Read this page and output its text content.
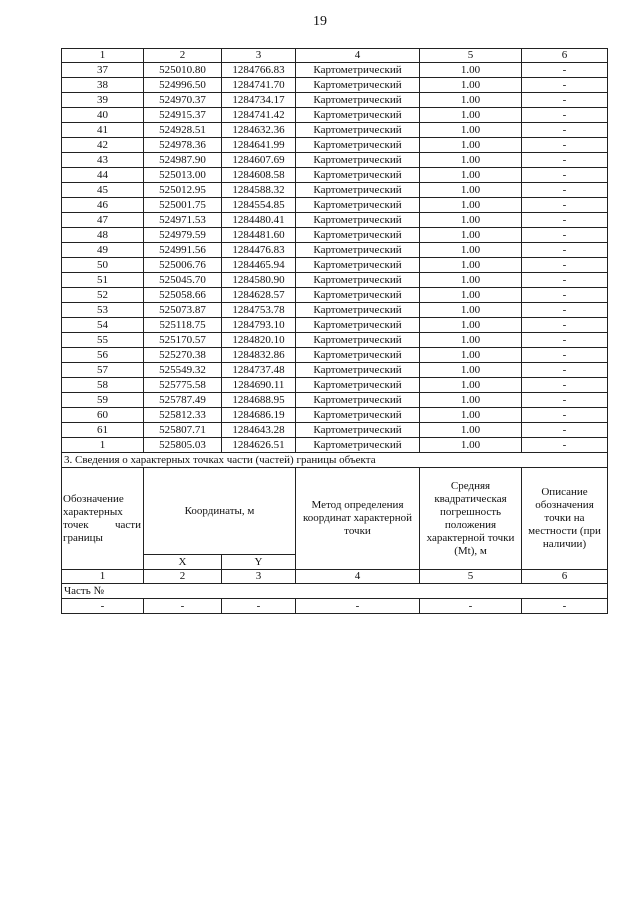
19
1	2	3	4	5	6
37	525010.80	1284766.83	Картометрический	1.00	-
38	524996.50	1284741.70	Картометрический	1.00	-
39	524970.37	1284734.17	Картометрический	1.00	-
40	524915.37	1284741.42	Картометрический	1.00	-
41	524928.51	1284632.36	Картометрический	1.00	-
42	524978.36	1284641.99	Картометрический	1.00	-
43	524987.90	1284607.69	Картометрический	1.00	-
44	525013.00	1284608.58	Картометрический	1.00	-
45	525012.95	1284588.32	Картометрический	1.00	-
46	525001.75	1284554.85	Картометрический	1.00	-
47	524971.53	1284480.41	Картометрический	1.00	-
48	524979.59	1284481.60	Картометрический	1.00	-
49	524991.56	1284476.83	Картометрический	1.00	-
50	525006.76	1284465.94	Картометрический	1.00	-
51	525045.70	1284580.90	Картометрический	1.00	-
52	525058.66	1284628.57	Картометрический	1.00	-
53	525073.87	1284753.78	Картометрический	1.00	-
54	525118.75	1284793.10	Картометрический	1.00	-
55	525170.57	1284820.10	Картометрический	1.00	-
56	525270.38	1284832.86	Картометрический	1.00	-
57	525549.32	1284737.48	Картометрический	1.00	-
58	525775.58	1284690.11	Картометрический	1.00	-
59	525787.49	1284688.95	Картометрический	1.00	-
60	525812.33	1284686.19	Картометрический	1.00	-
61	525807.71	1284643.28	Картометрический	1.00	-
1	525805.03	1284626.51	Картометрический	1.00	-
3. Сведения о характерных точках части (частей) границы объекта					

Обозначение
характерных
точек части
границы	Координаты, м		Метод определения координат характерной точки	Средняя квадратическая погрешность положения характерной точки (Mt), м	Описание обозначения точки на местности (при наличии)
	X	Y			
1	2	3	4	5	6
Часть №					
-	-	-	-	-	-
